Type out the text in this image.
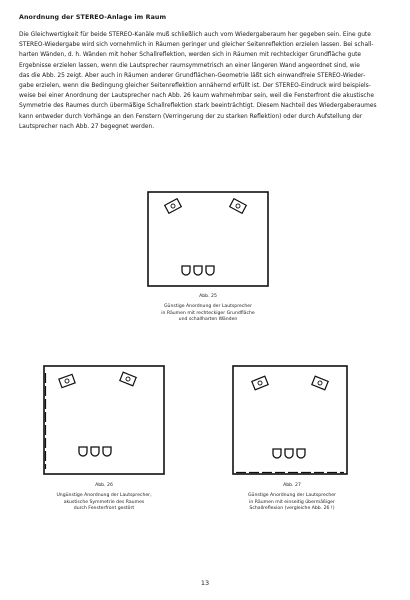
Anordnung der STEREO-Anlage im Raum
Die Gleichwertigkeit für beide STEREO-Kanäle muß schließlich auch vom Wiedergaberaum her gegeben sein. Eine gute
STEREO-Wiedergabe wird sich vornehmlich in Räumen geringer und gleicher Seitenreflektion erzielen lassen. Bei schall-
harten Wänden, d. h. Wänden mit hoher Schallreflektion, werden sich in Räumen mit rechteckiger Grundfläche gute
Ergebnisse erzielen lassen, wenn die Lautsprecher raumsymmetrisch an einer längeren Wand angeordnet sind, wie
das die Abb. 25 zeigt. Aber auch in Räumen anderer Grundflächen-Geometrie läßt sich einwandfreie STEREO-Wieder-
gabe erzielen, wenn die Bedingung gleicher Seitenreflektion annähernd erfüllt ist. Der STEREO-Eindruck wird beispiels-
weise bei einer Anordnung der Lautsprecher nach Abb. 26 kaum wahrnehmbar sein, weil die Fensterfront die akustische
Symmetrie des Raumes durch übermäßige Schallreflektion stark beeinträchtigt. Diesem Nachteil des Wiedergaberaumes
kann entweder durch Vorhänge an den Fenstern (Verringerung der zu starken Reflektion) oder durch Aufstellung der
Lautsprecher nach Abb. 27 begegnet werden.
Abb. 25
Günstige Anordnung der Lautsprecher
in Räumen mit rechteckiger Grundfläche
und schallharten Wänden
Abb. 26
Ungünstige Anordnung der Lautsprecher,
akustische Symmetrie des Raumes
durch Fensterfront gestört
Abb. 27
Günstige Anordnung der Lautsprecher
in Räumen mit einseitig übermäßiger
Schallreflexion (vergleiche Abb. 26 !)
13
